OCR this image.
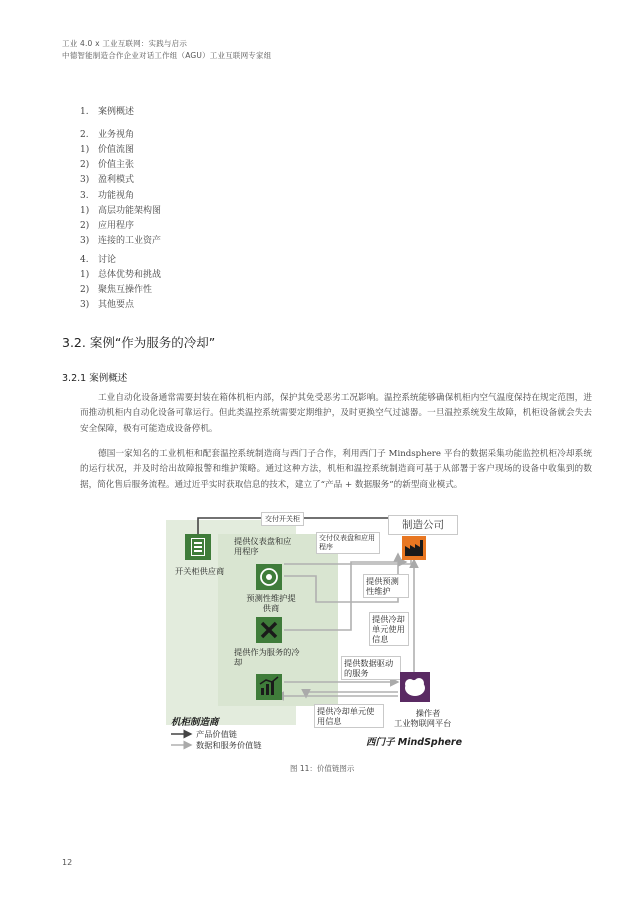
工业 4.0 x 工业互联网：实践与启示
中德智能制造合作企业对话工作组（AGU）工业互联网专家组
1. 案例概述
2. 业务视角
1) 价值流图
2) 价值主张
3) 盈利模式
3. 功能视角
1) 高层功能架构图
2) 应用程序
3) 连接的工业资产
4. 讨论
1) 总体优势和挑战
2) 聚焦互操作性
3) 其他要点
3.2. 案例“作为服务的冷却”
3.2.1 案例概述
工业自动化设备通常需要封装在箱体机柜内部，保护其免受恶劣工况影响。温控系统能够确保机柜内空气温度保持在规定范围，进而推动机柜内自动化设备可靠运行。但此类温控系统需要定期维护，及时更换空气过滤器。一旦温控系统发生故障，机柜设备就会失去安全保障，极有可能造成设备停机。
德国一家知名的工业机柜和配套温控系统制造商与西门子合作，利用西门子 Mindsphere 平台的数据采集功能监控机柜冷却系统的运行状况，并及时给出故障报警和维护策略。通过这种方法，机柜和温控系统制造商可基于从部署于客户现场的设备中收集到的数据，简化售后服务流程。通过近乎实时获取信息的技术，建立了“产品 + 数据服务”的新型商业模式。
开关柜供应商
交付开关柜	制造公司
提供仪表盘和应用程序
交付仪表盘和应用程序
预测性维护提供商
提供预测性维护
提供作为服务的冷却
提供冷却单元使用信息
提供数据驱动的服务
提供冷却单元使用信息
操作者
工业物联网平台
机柜制造商
西门子 MindSphere
产品价值链
数据和服务价值链
图 11：价值链图示
12
